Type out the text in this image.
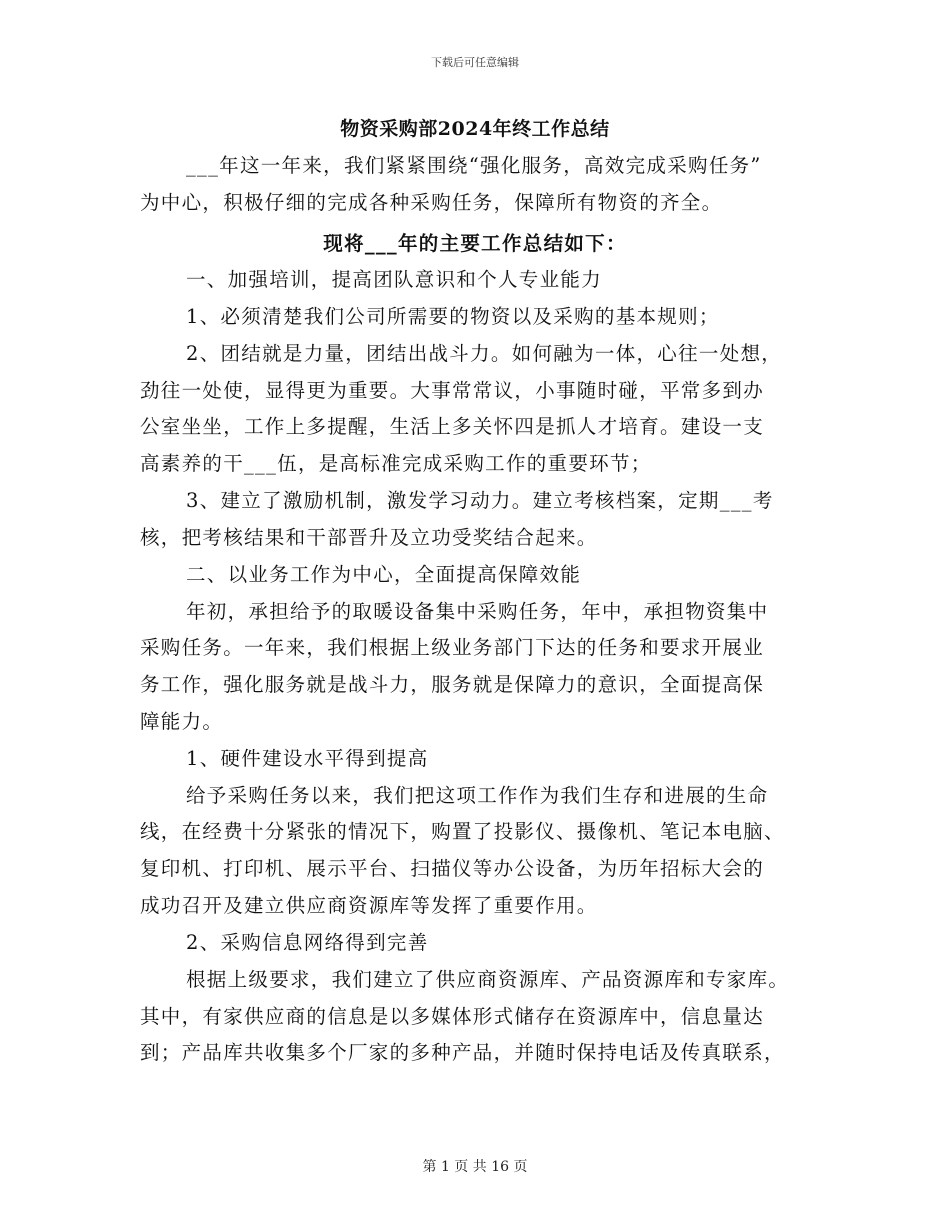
下载后可任意编辑
物资采购部2024年终工作总结
___年这一年来，我们紧紧围绕“强化服务，高效完成采购任务”
为中心，积极仔细的完成各种采购任务，保障所有物资的齐全。
现将___年的主要工作总结如下：
一、加强培训，提高团队意识和个人专业能力
1、必须清楚我们公司所需要的物资以及采购的基本规则；
2、团结就是力量，团结出战斗力。如何融为一体，心往一处想，
劲往一处使，显得更为重要。大事常常议，小事随时碰，平常多到办
公室坐坐，工作上多提醒，生活上多关怀四是抓人才培育。建设一支
高素养的干___伍，是高标准完成采购工作的重要环节；
3、建立了激励机制，激发学习动力。建立考核档案，定期___考
核，把考核结果和干部晋升及立功受奖结合起来。
二、以业务工作为中心，全面提高保障效能
年初，承担给予的取暖设备集中采购任务，年中，承担物资集中
采购任务。一年来，我们根据上级业务部门下达的任务和要求开展业
务工作，强化服务就是战斗力，服务就是保障力的意识，全面提高保
障能力。
1、硬件建设水平得到提高
给予采购任务以来，我们把这项工作作为我们生存和进展的生命
线，在经费十分紧张的情况下，购置了投影仪、摄像机、笔记本电脑、
复印机、打印机、展示平台、扫描仪等办公设备，为历年招标大会的
成功召开及建立供应商资源库等发挥了重要作用。
2、采购信息网络得到完善
根据上级要求，我们建立了供应商资源库、产品资源库和专家库。
其中，有家供应商的信息是以多媒体形式储存在资源库中，信息量达
到；产品库共收集多个厂家的多种产品，并随时保持电话及传真联系，
第 1 页 共 16 页
